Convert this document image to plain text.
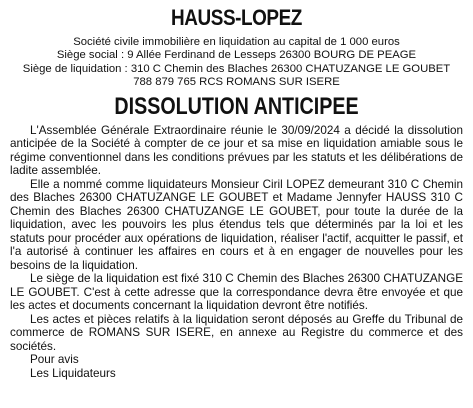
HAUSS-LOPEZ
Société civile immobilière en liquidation au capital de 1 000 euros
Siège social : 9 Allée Ferdinand de Lesseps 26300 BOURG DE PEAGE
Siège de liquidation : 310 C Chemin des Blaches 26300 CHATUZANGE LE GOUBET
788 879 765 RCS ROMANS SUR ISERE
DISSOLUTION ANTICIPEE

L'Assemblée Générale Extraordinaire réunie le 30/09/2024 a décidé la dissolution anticipée de la Société à compter de ce jour et sa mise en liquidation amiable sous le régime conventionnel dans les conditions prévues par les statuts et les délibérations de ladite assemblée.

Elle a nommé comme liquidateurs Monsieur Ciril LOPEZ demeurant 310 C Chemin des Blaches 26300 CHATUZANGE LE GOUBET et Madame Jennyfer HAUSS 310 C Chemin des Blaches 26300 CHATUZANGE LE GOUBET, pour toute la durée de la liquidation, avec les pouvoirs les plus étendus tels que déterminés par la loi et les statuts pour procéder aux opérations de liquidation, réaliser l'actif, acquitter le passif, et l'a autorisé à continuer les affaires en cours et à en engager de nouvelles pour les besoins de la liquidation.

Le siège de la liquidation est fixé 310 C Chemin des Blaches 26300 CHATUZANGE LE GOUBET. C'est à cette adresse que la correspondance devra être envoyée et que les actes et documents concernant la liquidation devront être notifiés.

Les actes et pièces relatifs à la liquidation seront déposés au Greffe du Tribunal de commerce de ROMANS SUR ISERE, en annexe au Registre du commerce et des sociétés.

Pour avis

Les Liquidateurs
